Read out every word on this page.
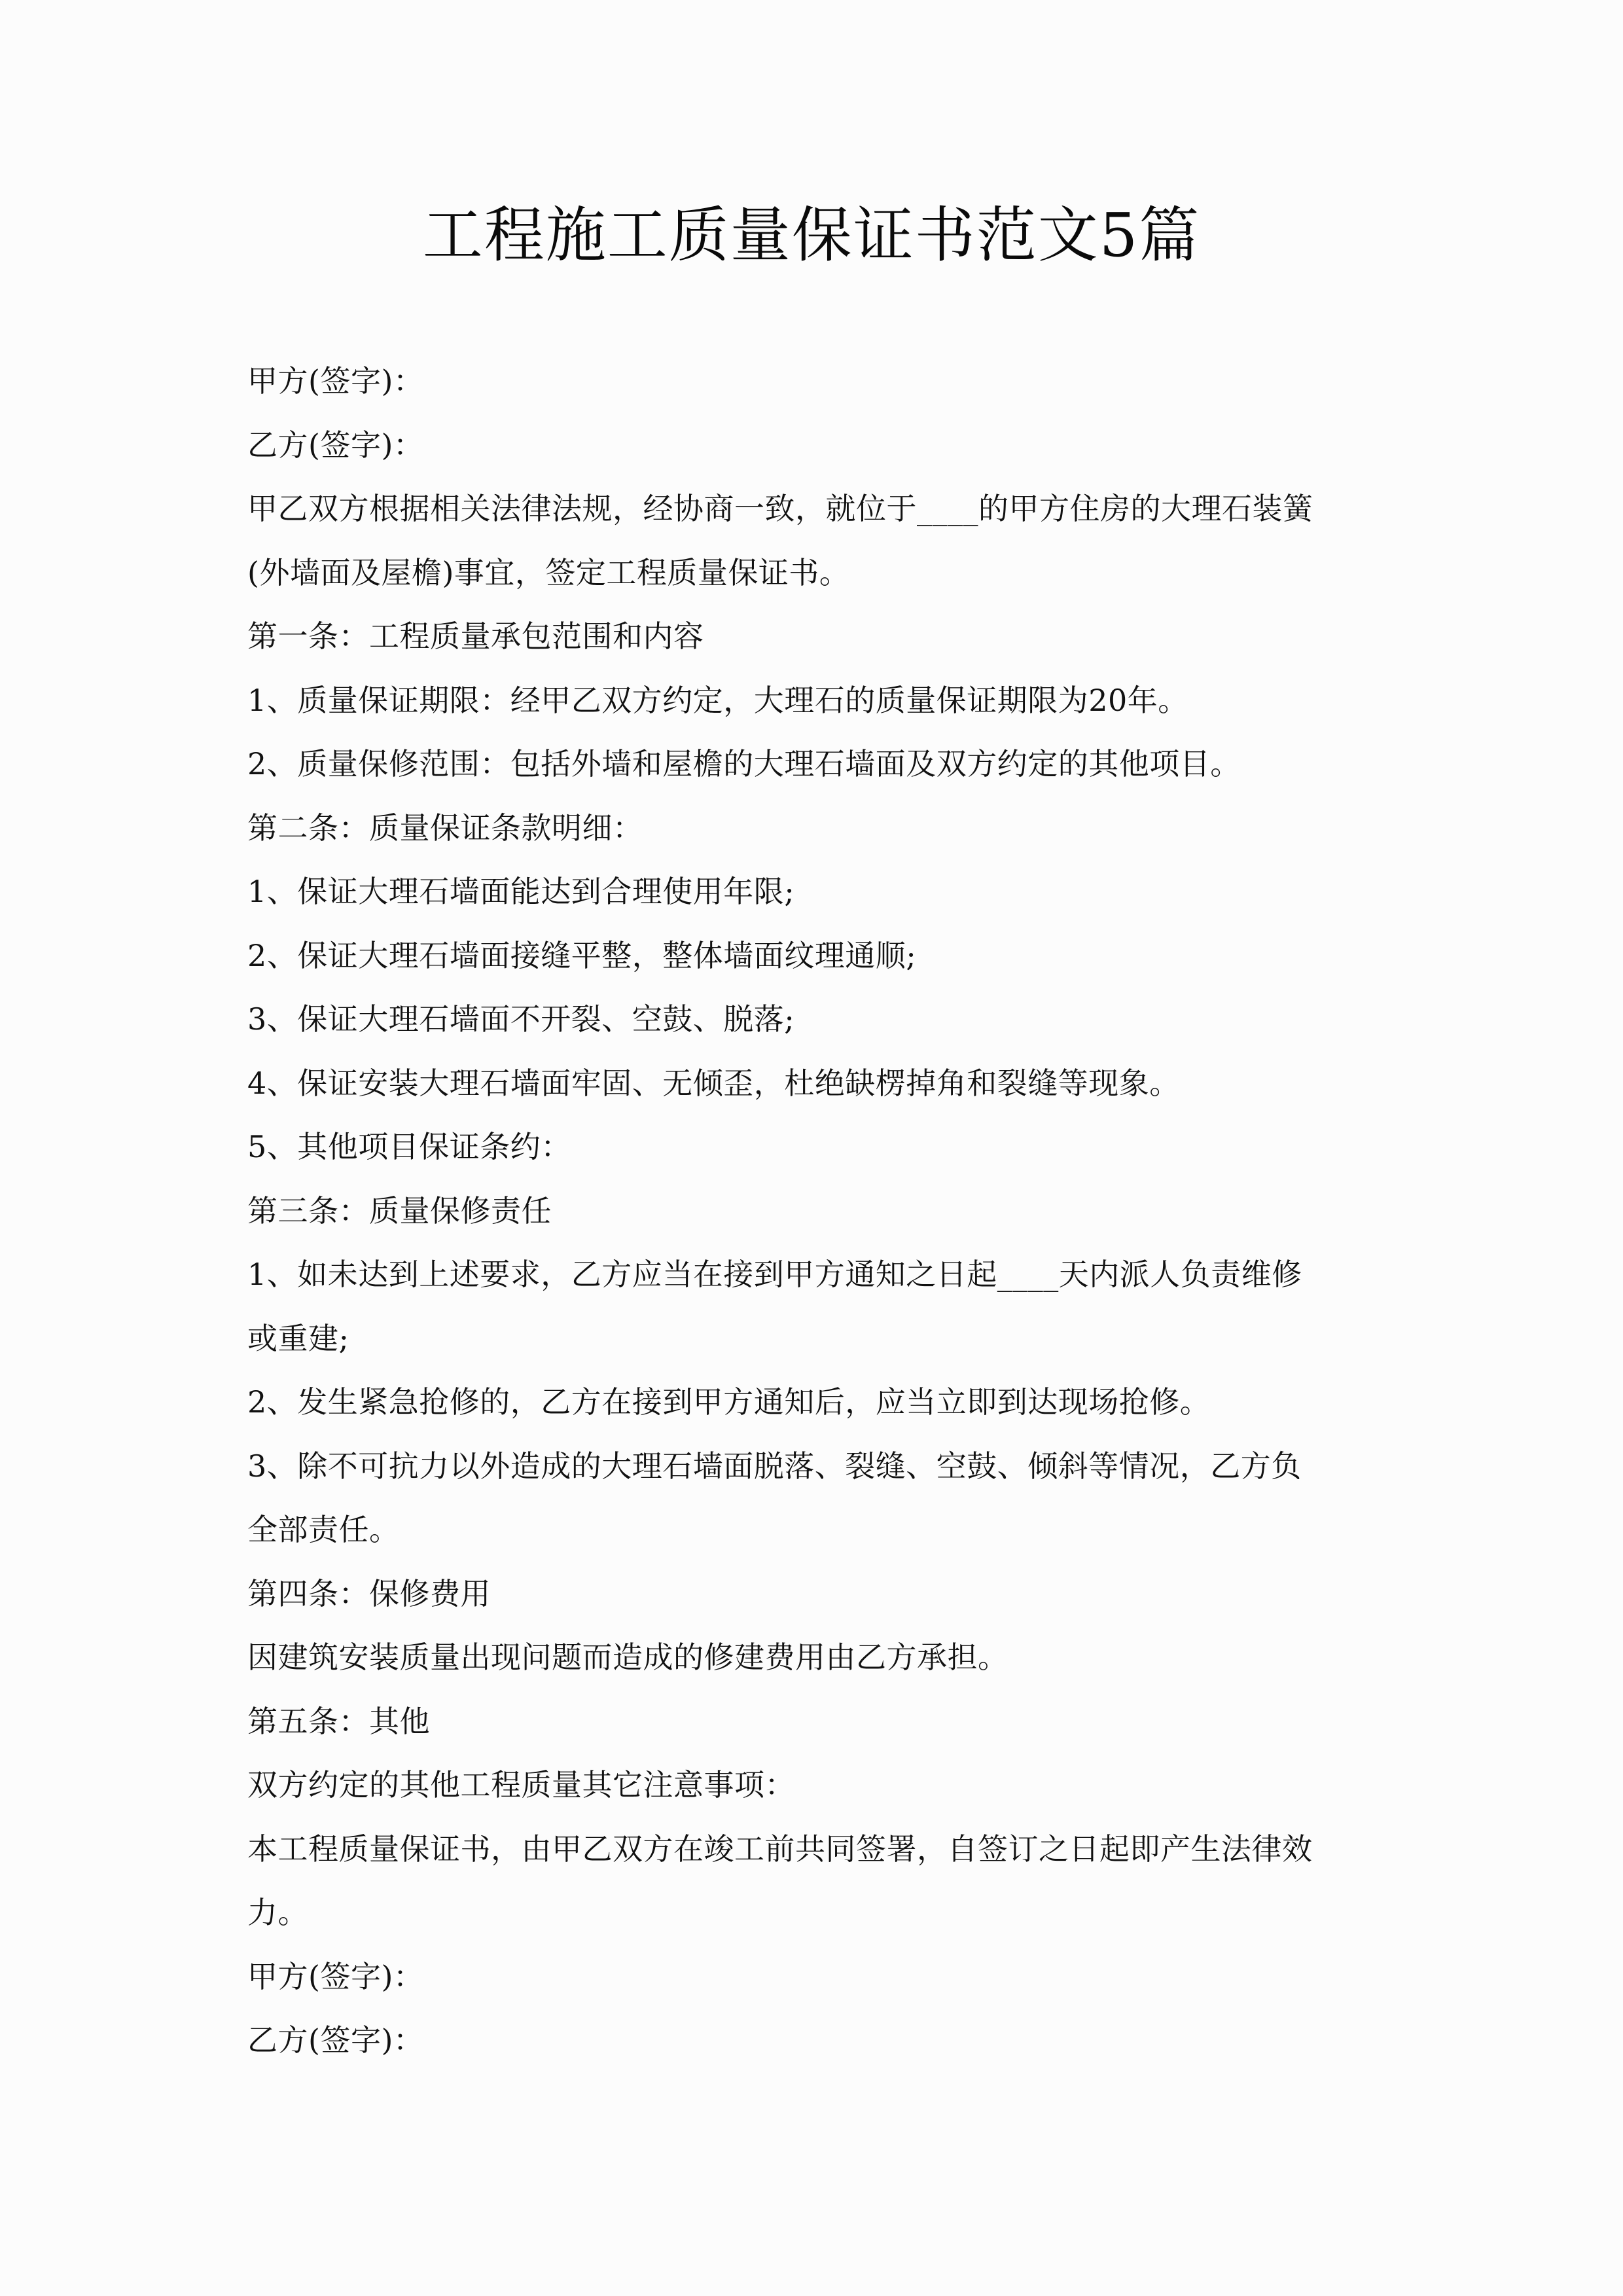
工程施工质量保证书范文5篇

甲方(签字)：

乙方(签字)：

甲乙双方根据相关法律法规，经协商一致，就位于____的甲方住房的大理石装簧

(外墙面及屋檐)事宜，签定工程质量保证书。

第一条：工程质量承包范围和内容

1、质量保证期限：经甲乙双方约定，大理石的质量保证期限为20年。

2、质量保修范围：包括外墙和屋檐的大理石墙面及双方约定的其他项目。

第二条：质量保证条款明细：

1、保证大理石墙面能达到合理使用年限;

2、保证大理石墙面接缝平整，整体墙面纹理通顺;

3、保证大理石墙面不开裂、空鼓、脱落;

4、保证安装大理石墙面牢固、无倾歪，杜绝缺楞掉角和裂缝等现象。

5、其他项目保证条约：

第三条：质量保修责任

1、如未达到上述要求，乙方应当在接到甲方通知之日起____天内派人负责维修

或重建;

2、发生紧急抢修的，乙方在接到甲方通知后，应当立即到达现场抢修。

3、除不可抗力以外造成的大理石墙面脱落、裂缝、空鼓、倾斜等情况，乙方负

全部责任。

第四条：保修费用

因建筑安装质量出现问题而造成的修建费用由乙方承担。

第五条：其他

双方约定的其他工程质量其它注意事项：

本工程质量保证书，由甲乙双方在竣工前共同签署，自签订之日起即产生法律效

力。

甲方(签字)：

乙方(签字)：
